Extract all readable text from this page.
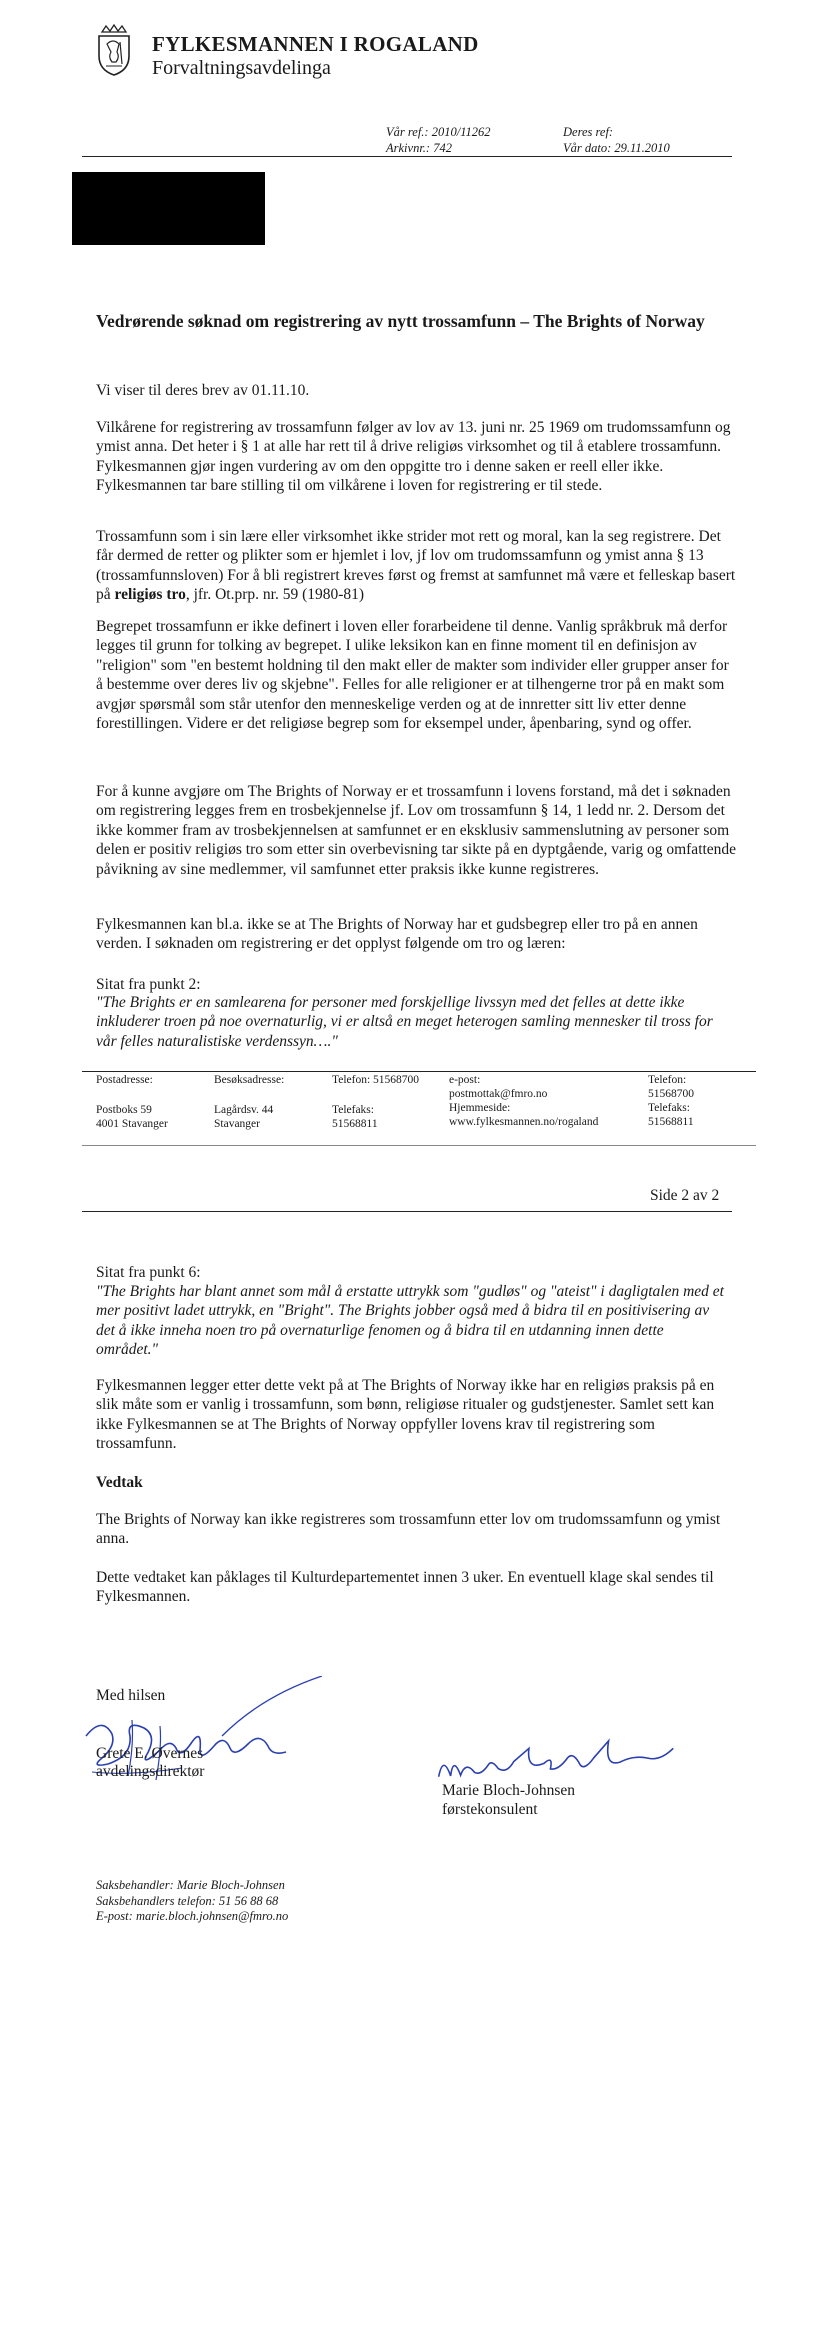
FYLKESMANNEN I ROGALAND
Forvaltningsavdelinga
Vår ref.: 2010/11262
Arkivnr.: 742
Deres ref:
Vår dato: 29.11.2010
Vedrørende søknad om registrering av nytt trossamfunn – The Brights of Norway

Vi viser til deres brev av 01.11.10.

Vilkårene for registrering av trossamfunn følger av lov av 13. juni nr. 25 1969 om trudomssamfunn og ymist anna. Det heter i § 1 at alle har rett til å drive religiøs virksomhet og til å etablere trossamfunn. Fylkesmannen gjør ingen vurdering av om den oppgitte tro i denne saken er reell eller ikke. Fylkesmannen tar bare stilling til om vilkårene i loven for registrering er til stede.

Trossamfunn som i sin lære eller virksomhet ikke strider mot rett og moral, kan la seg registrere. Det får dermed de retter og plikter som er hjemlet i lov, jf lov om trudomssamfunn og ymist anna § 13 (trossamfunnsloven) For å bli registrert kreves først og fremst at samfunnet må være et felleskap basert på religiøs tro, jfr. Ot.prp. nr. 59 (1980-81)

Begrepet trossamfunn er ikke definert i loven eller forarbeidene til denne. Vanlig språkbruk må derfor legges til grunn for tolking av begrepet. I ulike leksikon kan en finne moment til en definisjon av "religion" som "en bestemt holdning til den makt eller de makter som individer eller grupper anser for å bestemme over deres liv og skjebne". Felles for alle religioner er at tilhengerne tror på en makt som avgjør spørsmål som står utenfor den menneskelige verden og at de innretter sitt liv etter denne forestillingen. Videre er det religiøse begrep som for eksempel under, åpenbaring, synd og offer.

For å kunne avgjøre om The Brights of Norway er et trossamfunn i lovens forstand, må det i søknaden om registrering legges frem en trosbekjennelse jf. Lov om trossamfunn § 14, 1 ledd nr. 2. Dersom det ikke kommer fram av trosbekjennelsen at samfunnet er en eksklusiv sammenslutning av personer som delen er positiv religiøs tro som etter sin overbevisning tar sikte på en dyptgående, varig og omfattende påvikning av sine medlemmer, vil samfunnet etter praksis ikke kunne registreres.

Fylkesmannen kan bl.a. ikke se at The Brights of Norway har et gudsbegrep eller tro på en annen verden. I søknaden om registrering er det opplyst følgende om tro og læren:

Sitat fra punkt 2:

"The Brights er en samlearena for personer med forskjellige livssyn med det felles at dette ikke inkluderer troen på noe overnaturlig, vi er altså en meget heterogen samling mennesker til tross for vår felles naturalistiske verdenssyn…."

Postadresse:
Postboks 59
4001 Stavanger
Besøksadresse:
Lagårdsv. 44
Stavanger
Telefon: 51568700
Telefaks:
51568811
e-post:
postmottak@fmro.no
Hjemmeside:
www.fylkesmannen.no/rogaland
Telefon:
51568700
Telefaks:
51568811
Side 2 av 2

Sitat fra punkt 6:

"The Brights har blant annet som mål å erstatte uttrykk som "gudløs" og "ateist" i dagligtalen med et mer positivt ladet uttrykk, en "Bright". The Brights jobber også med å bidra til en positivisering av det å ikke inneha noen tro på overnaturlige fenomen og å bidra til en utdanning innen dette området."

Fylkesmannen legger etter dette vekt på at The Brights of Norway ikke har en religiøs praksis på en slik måte som er vanlig i trossamfunn, som bønn, religiøse ritualer og gudstjenester. Samlet sett kan ikke Fylkesmannen se at The Brights of Norway oppfyller lovens krav til registrering som trossamfunn.

Vedtak

The Brights of Norway kan ikke registreres som trossamfunn etter lov om trudomssamfunn og ymist anna.

Dette vedtaket kan påklages til Kulturdepartementet innen 3 uker. En eventuell klage skal sendes til Fylkesmannen.

Med hilsen

Grete E. Øvernes

avdelingsdirektør

Marie Bloch-Johnsen

førstekonsulent

Saksbehandler: Marie Bloch-Johnsen
Saksbehandlers telefon: 51 56 88 68
E-post: marie.bloch.johnsen@fmro.no
